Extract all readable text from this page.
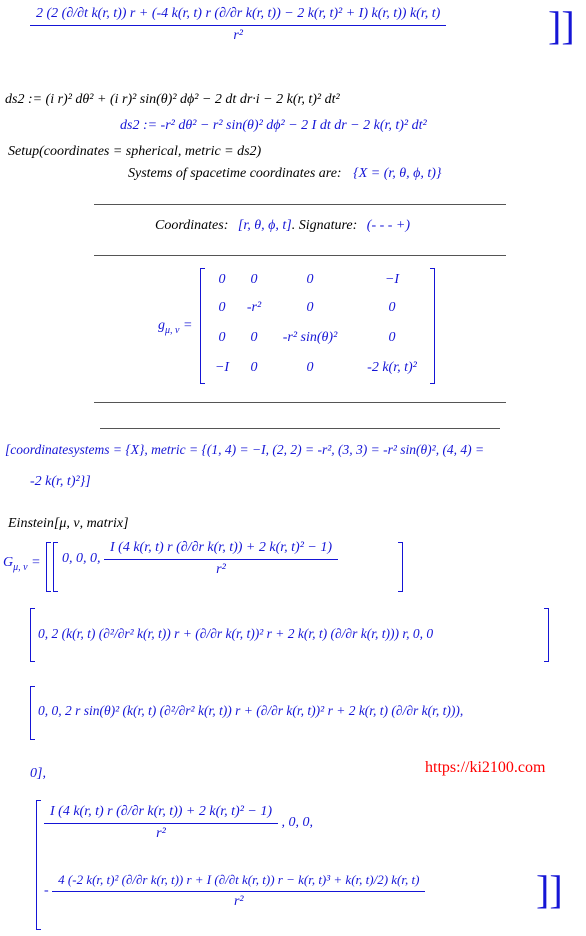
2 (2 (∂/∂t k(r, t)) r + (-4 k(r, t) r (∂/∂r k(r, t)) − 2 k(r, t)² + I) k(r, t)) k(r, t)
r²	]]
ds2 := (i r)² dθ² + (i r)² sin(θ)² dϕ² − 2 dt dr·i − 2 k(r, t)² dt²
ds2 := -r² dθ² − r² sin(θ)² dϕ² − 2 I dt dr − 2 k(r, t)² dt²
Setup(coordinates = spherical, metric = ds2)
Systems of spacetime coordinates are: {X = (r, θ, ϕ, t)}
Coordinates: [r, θ, ϕ, t]. Signature: (- - - +)
$g_{\mu, \nu}$ =
0	0	0	−I
0	-r²	0	0
0	0	-r² sin(θ)²	0
−I	0	0	-2 k(r, t)²
[coordinatesystems = {X}, metric = {(1, 4) = −I, (2, 2) = -r², (3, 3) = -r² sin(θ)², (4, 4) =
-2 k(r, t)²}]
Einstein[μ, ν, matrix]
$G_{\mu, \nu} = 0$, 0, 0, $\frac{\text{I (4 k(r, t) r (∂/∂r k(r, t)) + 2 k(r, t)² − 1)}}{\text{r²}}$
0, 2 (k(r, t) (∂²/∂r² k(r, t)) r + (∂/∂r k(r, t))² r + 2 k(r, t) (∂/∂r k(r, t))) r, 0, 0
0, 0, 2 r sin(θ)² (k(r, t) (∂²/∂r² k(r, t)) r + (∂/∂r k(r, t))² r + 2 k(r, t) (∂/∂r k(r, t))),
0],	https://ki2100.com
$\frac{\text{I (4 k(r, t) r (∂/∂r k(r, t)) + 2 k(r, t)² − 1)}}{\text{r²}}$ , 0, 0,
-
4 (-2 k(r, t)² (∂/∂r k(r, t)) r + I (∂/∂t k(r, t)) r − k(r, t)³ + k(r, t)/2) k(r, t)
r²	]]
